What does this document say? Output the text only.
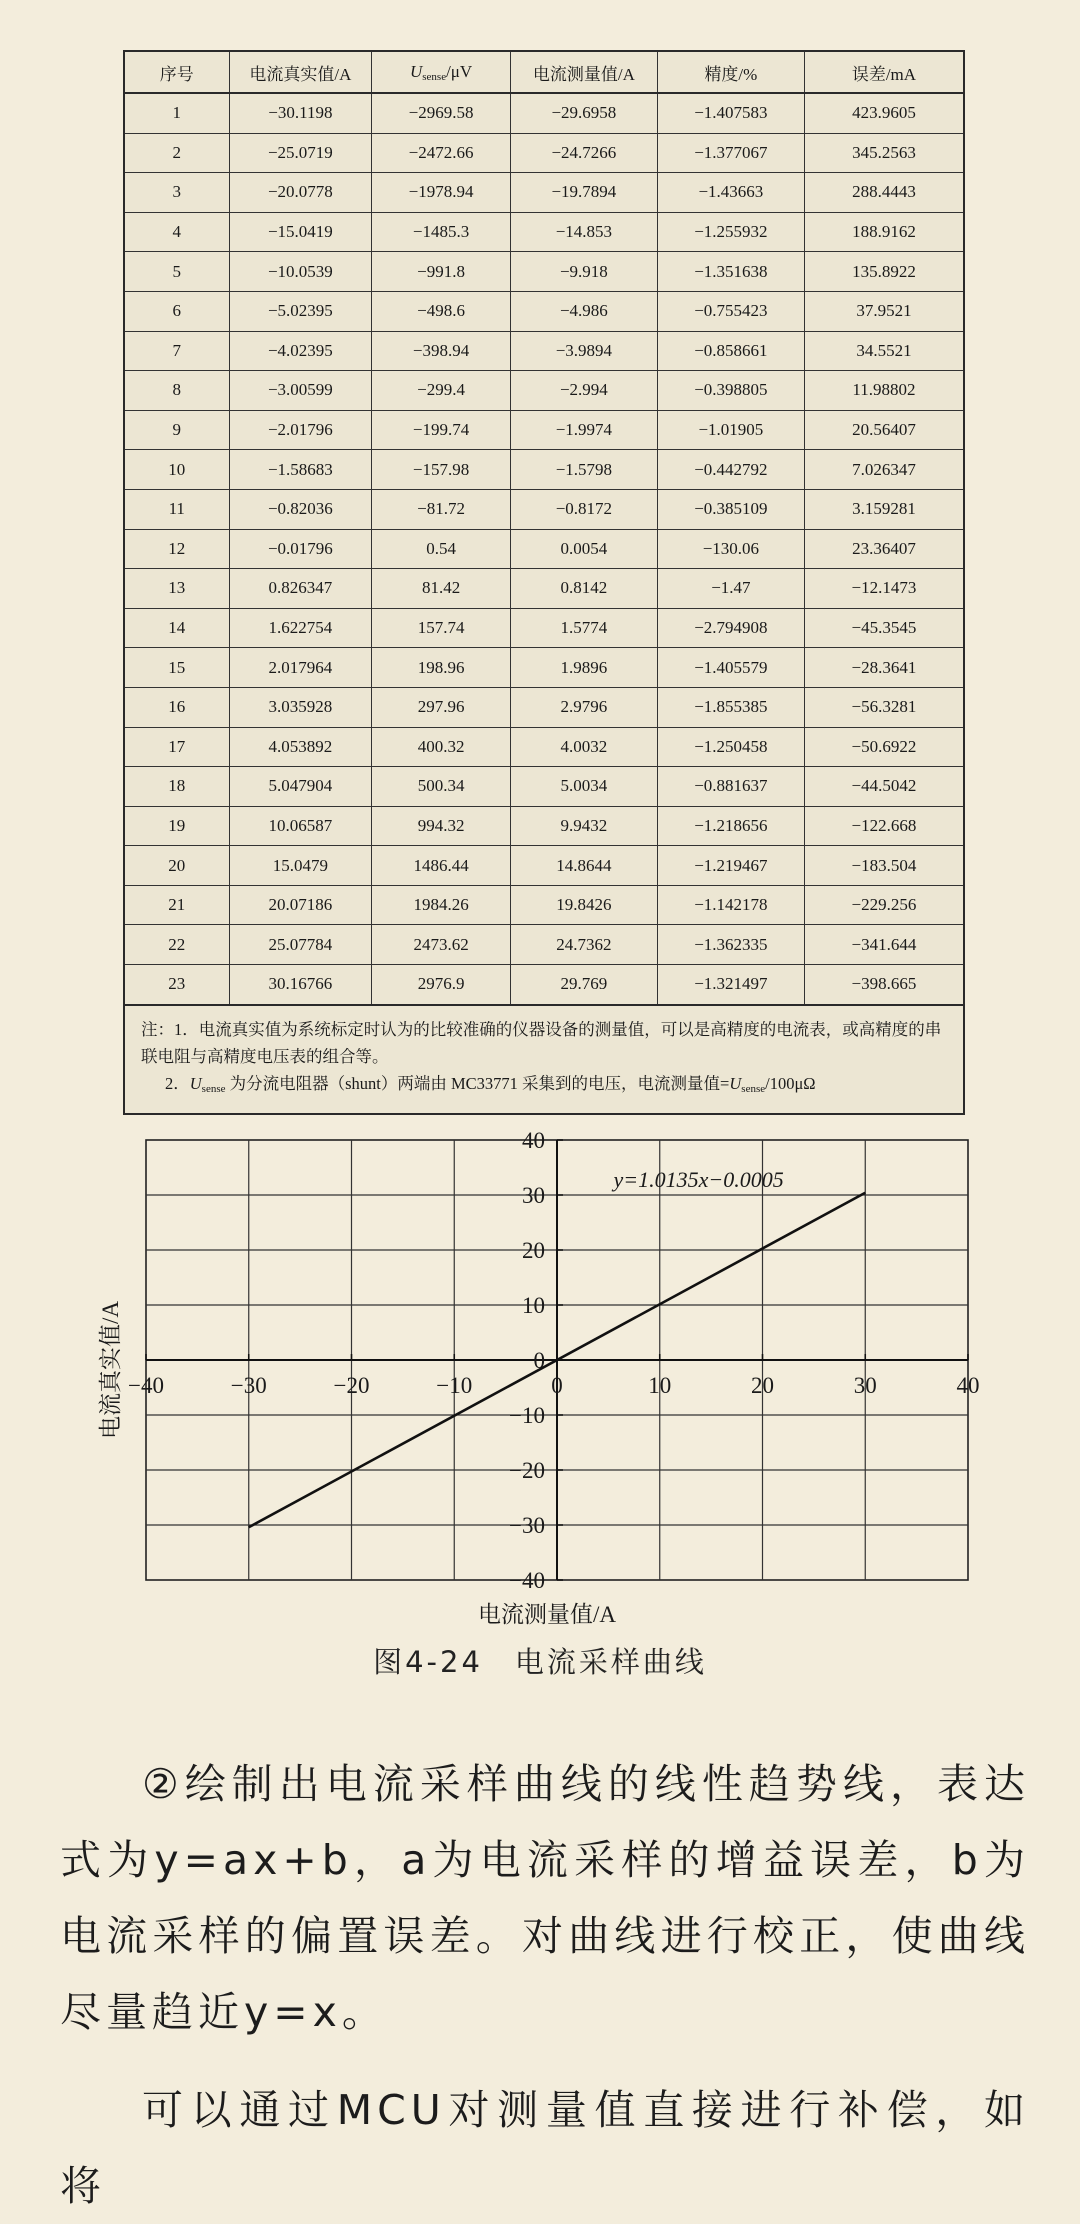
序号	电流真实值/A	$U_{sense}/\mu V$	电流测量值/A	精度/%	误差/mA
1	−30.1198	−2969.58	−29.6958	−1.407583	423.9605
2	−25.0719	−2472.66	−24.7266	−1.377067	345.2563
3	−20.0778	−1978.94	−19.7894	−1.43663	288.4443
4	−15.0419	−1485.3	−14.853	−1.255932	188.9162
5	−10.0539	−991.8	−9.918	−1.351638	135.8922
6	−5.02395	−498.6	−4.986	−0.755423	37.9521
7	−4.02395	−398.94	−3.9894	−0.858661	34.5521
8	−3.00599	−299.4	−2.994	−0.398805	11.98802
9	−2.01796	−199.74	−1.9974	−1.01905	20.56407
10	−1.58683	−157.98	−1.5798	−0.442792	7.026347
11	−0.82036	−81.72	−0.8172	−0.385109	3.159281
12	−0.01796	0.54	0.0054	−130.06	23.36407
13	0.826347	81.42	0.8142	−1.47	−12.1473
14	1.622754	157.74	1.5774	−2.794908	−45.3545
15	2.017964	198.96	1.9896	−1.405579	−28.3641
16	3.035928	297.96	2.9796	−1.855385	−56.3281
17	4.053892	400.32	4.0032	−1.250458	−50.6922
18	5.047904	500.34	5.0034	−0.881637	−44.5042
19	10.06587	994.32	9.9432	−1.218656	−122.668
20	15.0479	1486.44	14.8644	−1.219467	−183.504
21	20.07186	1984.26	19.8426	−1.142178	−229.256
22	25.07784	2473.62	24.7362	−1.362335	−341.644
23	30.16766	2976.9	29.769	−1.321497	−398.665

注：1．电流真实值为系统标定时认为的比较准确的仪器设备的测量值，可以是高精度的电流表，或高精度的串联电阻与高精度电压表的组合等。
2．$U_{sense}$ 为分流电阻器（shunt）两端由 MC33771 采集到的电压，电流测量值$=U_{sense}/100\mu\Omega$					
−40	−30	−20	−10	0	10	20	30	40
−40
−30
−20
−10
0
10
20
30
40
y=1.0135x−0.0005
电流测量值/A
电流真实值/A
图4-24　电流采样曲线

②绘制出电流采样曲线的线性趋势线，表达式为y=ax+b，a为电流采样的增益误差，b为电流采样的偏置误差。对曲线进行校正，使曲线尽量趋近y=x。

可以通过MCU对测量值直接进行补偿，如将
